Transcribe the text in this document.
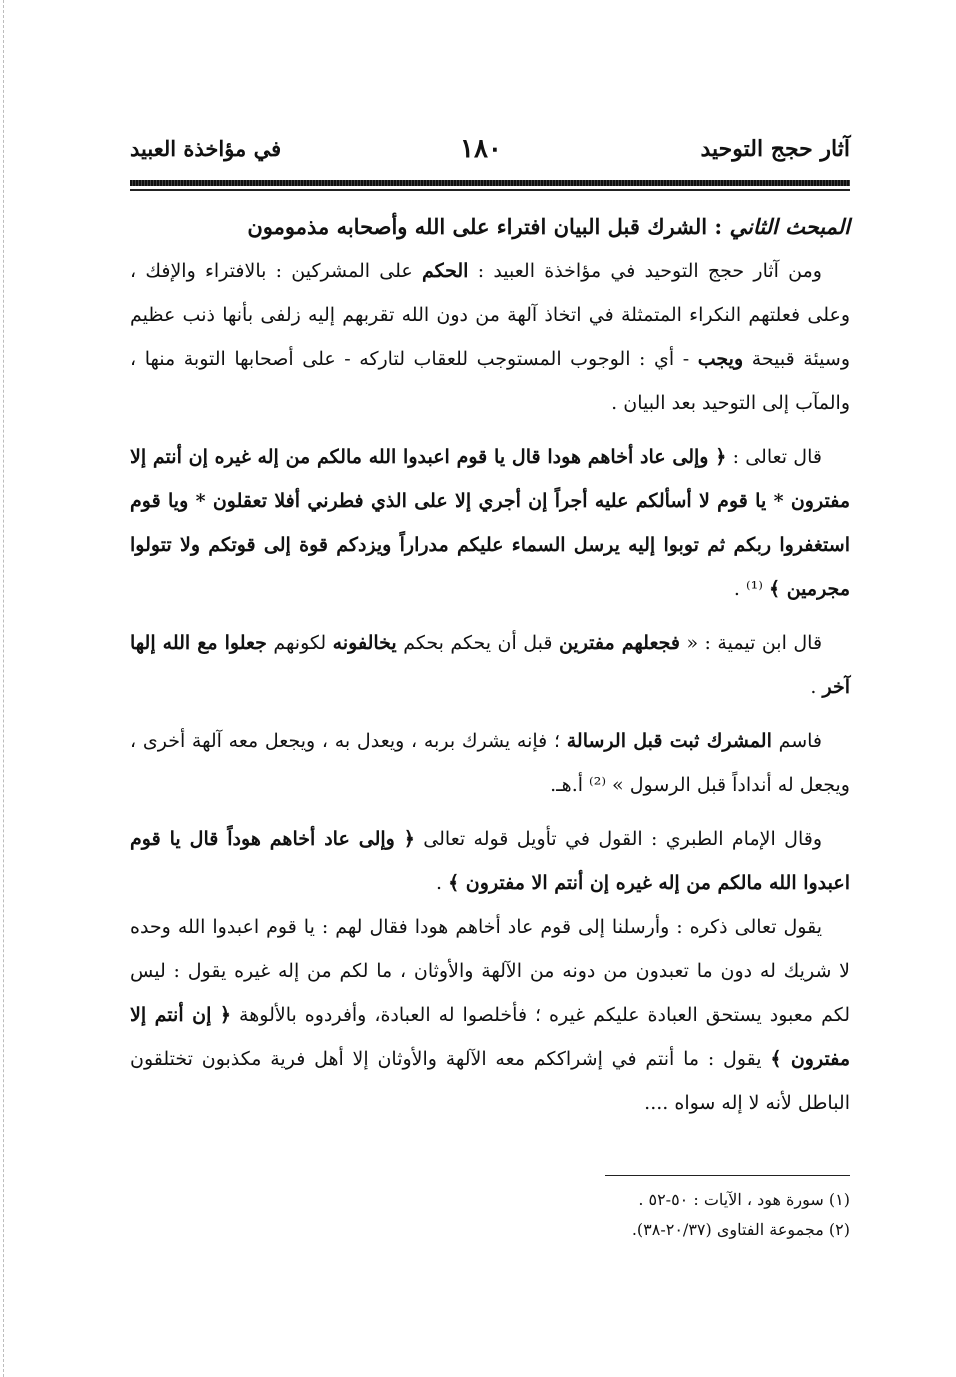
آثار حجج التوحيد
١٨٠
في مؤاخذة العبيد
المبحث الثاني : الشرك قبل البيان افتراء على الله وأصحابه مذمومون

ومن آثار حجج التوحيد في مؤاخذة العبيد : الحكم على المشركين : بالافتراء والإفك ، وعلى فعلتهم النكراء المتمثلة في اتخاذ آلهة من دون الله تقربهم إليه زلفى بأنها ذنب عظيم وسيئة قبيحة ويجب - أي : الوجوب المستوجب للعقاب لتاركه - على أصحابها التوبة منها ، والمآب إلى التوحيد بعد البيان .

قال تعالى : ﴿ وإلى عاد أخاهم هودا قال يا قوم اعبدوا الله مالكم من إله غيره إن أنتم إلا مفترون * يا قوم لا أسألكم عليه أجراً إن أجري إلا على الذي فطرني أفلا تعقلون * ويا قوم استغفروا ربكم ثم توبوا إليه يرسل السماء عليكم مدراراً ويزدكم قوة إلى قوتكم ولا تتولوا مجرمين ﴾ ⁽¹⁾ .

قال ابن تيمية : « فجعلهم مفترين قبل أن يحكم بحكم يخالفونه لكونهم جعلوا مع الله إلها آخر .

فاسم المشرك ثبت قبل الرسالة ؛ فإنه يشرك بربه ، ويعدل به ، ويجعل معه آلهة أخرى ، ويجعل له أنداداً قبل الرسول » ⁽²⁾ أ.هـ.

وقال الإمام الطبري : القول في تأويل قوله تعالى ﴿ وإلى عاد أخاهم هوداً قال يا قوم اعبدوا الله مالكم من إله غيره إن أنتم الا مفترون ﴾ .

يقول تعالى ذكره : وأرسلنا إلى قوم عاد أخاهم هودا فقال لهم : يا قوم اعبدوا الله وحده لا شريك له دون ما تعبدون من دونه من الآلهة والأوثان ، ما لكم من إله غيره يقول : ليس لكم معبود يستحق العبادة عليكم غيره ؛ فأخلصوا له العبادة، وأفردوه بالألوهة ﴿ إن أنتم إلا مفترون ﴾ يقول : ما أنتم في إشراككم معه الآلهة والأوثان إلا أهل فرية مكذبون تختلقون الباطل لأنه لا إله سواه ....

(١) سورة هود ، الآيات : ٥٠-٥٢ .
(٢) مجموعة الفتاوى (٢٠/٣٧-٣٨).
